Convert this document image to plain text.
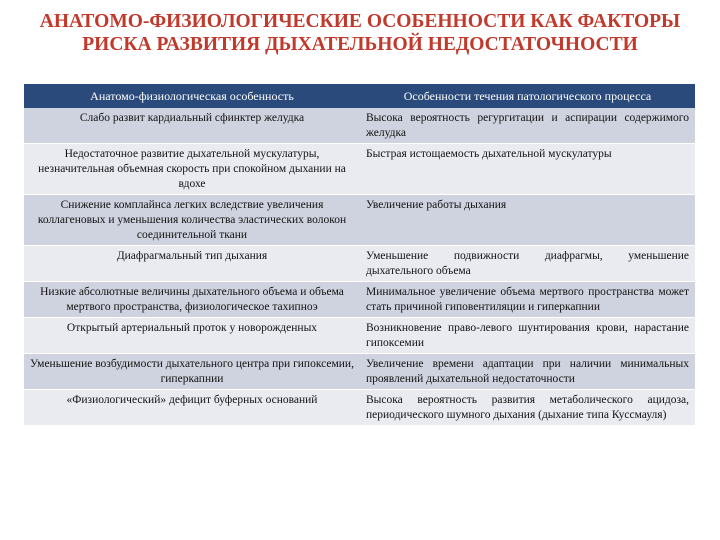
АНАТОМО-ФИЗИОЛОГИЧЕСКИЕ ОСОБЕННОСТИ КАК ФАКТОРЫ
РИСКА РАЗВИТИЯ ДЫХАТЕЛЬНОЙ НЕДОСТАТОЧНОСТИ
Анатомо-физиологическая особенность	Особенности течения патологического процесса
Слабо развит кардиальный сфинктер желудка	Высока вероятность регургитации и аспирации содержимого желудка
Недостаточное развитие дыхательной мускулатуры, незначительная объемная скорость при спокойном дыхании на вдохе	Быстрая истощаемость дыхательной мускулатуры
Снижение комплайнса легких вследствие увеличения коллагеновых и уменьшения количества эластических волокон соединительной ткани	Увеличение работы дыхания
Диафрагмальный тип дыхания	Уменьшение подвижности диафрагмы, уменьшение дыхательного объема
Низкие абсолютные величины дыхательного объема и объема мертвого пространства, физиологическое тахипноэ	Минимальное увеличение объема мертвого пространства может стать причиной гиповентиляции и гиперкапнии
Открытый артериальный проток у новорожденных	Возникновение право-левого шунтирования крови, нарастание гипоксемии
Уменьшение возбудимости дыхательного центра при гипоксемии, гиперкапнии	Увеличение времени адаптации при наличии минимальных проявлений дыхательной недостаточности
«Физиологический» дефицит буферных оснований	Высока вероятность развития метаболического ацидоза, периодического шумного дыхания (дыхание типа Куссмауля)
